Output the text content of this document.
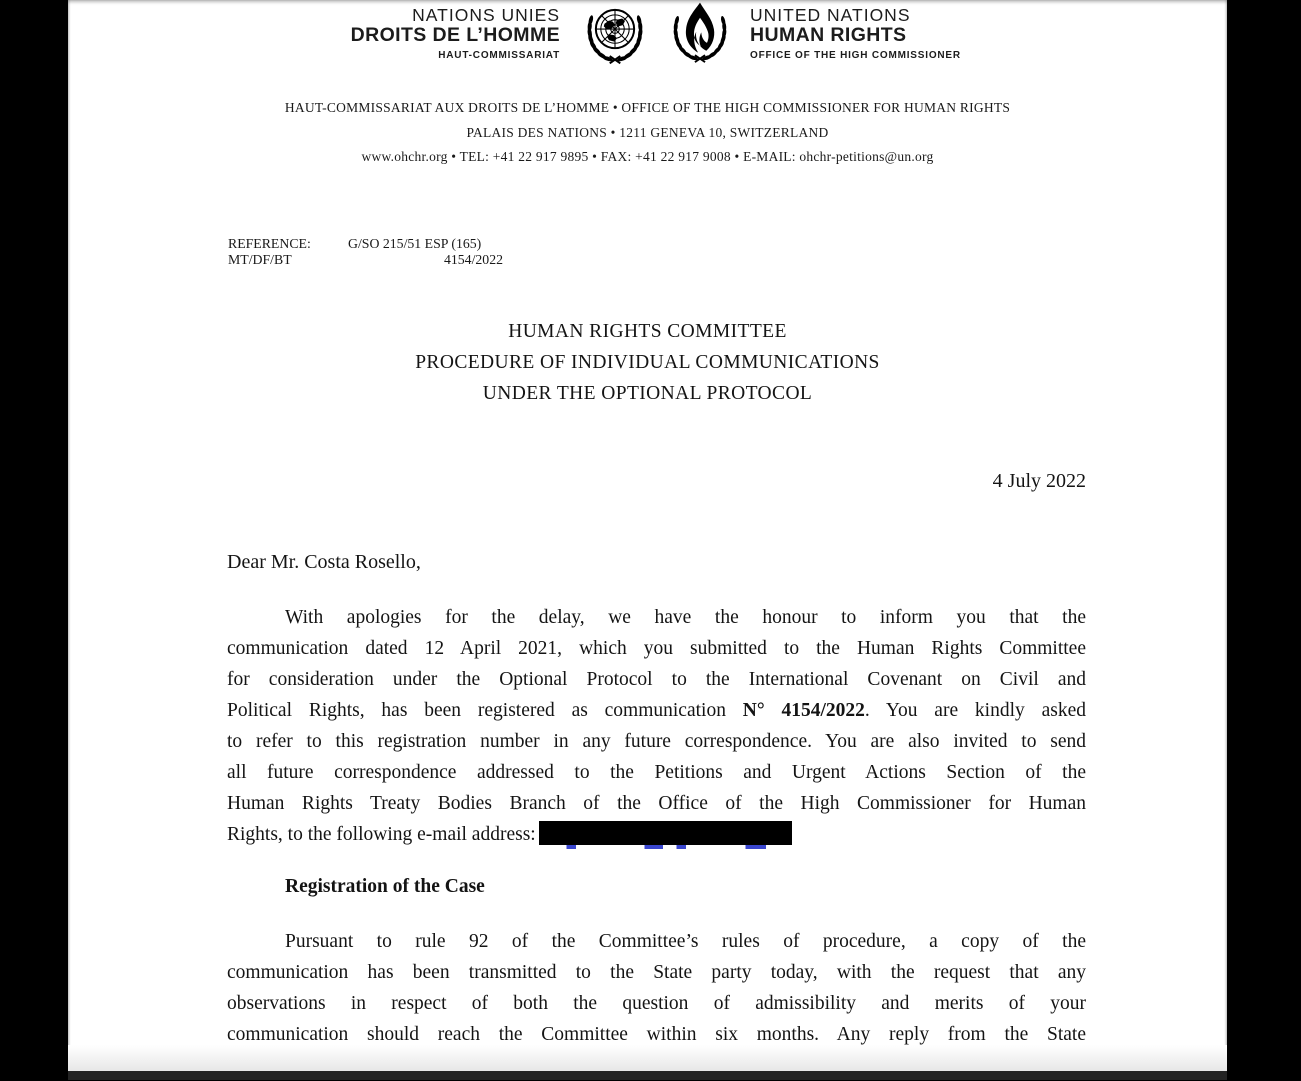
NATIONS UNIES
DROITS DE L’HOMME
HAUT-COMMISSARIAT
UNITED NATIONS
HUMAN RIGHTS
OFFICE OF THE HIGH COMMISSIONER
HAUT-COMMISSARIAT AUX DROITS DE L’HOMME • OFFICE OF THE HIGH COMMISSIONER FOR HUMAN RIGHTS
PALAIS DES NATIONS • 1211 GENEVA 10, SWITZERLAND
www.ohchr.org • TEL: +41 22 917 9895 • FAX: +41 22 917 9008 • E-MAIL: ohchr-petitions@un.org
REFERENCE:	G/SO 215/51 ESP (165)
MT/DF/BT	4154/2022
HUMAN RIGHTS COMMITTEE
PROCEDURE OF INDIVIDUAL COMMUNICATIONS
UNDER THE OPTIONAL PROTOCOL
4 July 2022
Dear Mr. Costa Rosello,
With apologies for the delay, we have the honour to inform you that the
communication dated 12 April 2021, which you submitted to the Human Rights Committee
for consideration under the Optional Protocol to the International Covenant on Civil and
Political Rights, has been registered as communication N° 4154/2022. You are kindly asked
to refer to this registration number in any future correspondence. You are also invited to send
all future correspondence addressed to the Petitions and Urgent Actions Section of the
Human Rights Treaty Bodies Branch of the Office of the High Commissioner for Human
Rights, to the following e-mail address:
Registration of the Case
Pursuant to rule 92 of the Committee’s rules of procedure, a copy of the
communication has been transmitted to the State party today, with the request that any
observations in respect of both the question of admissibility and merits of your
communication should reach the Committee within six months. Any reply from the State
